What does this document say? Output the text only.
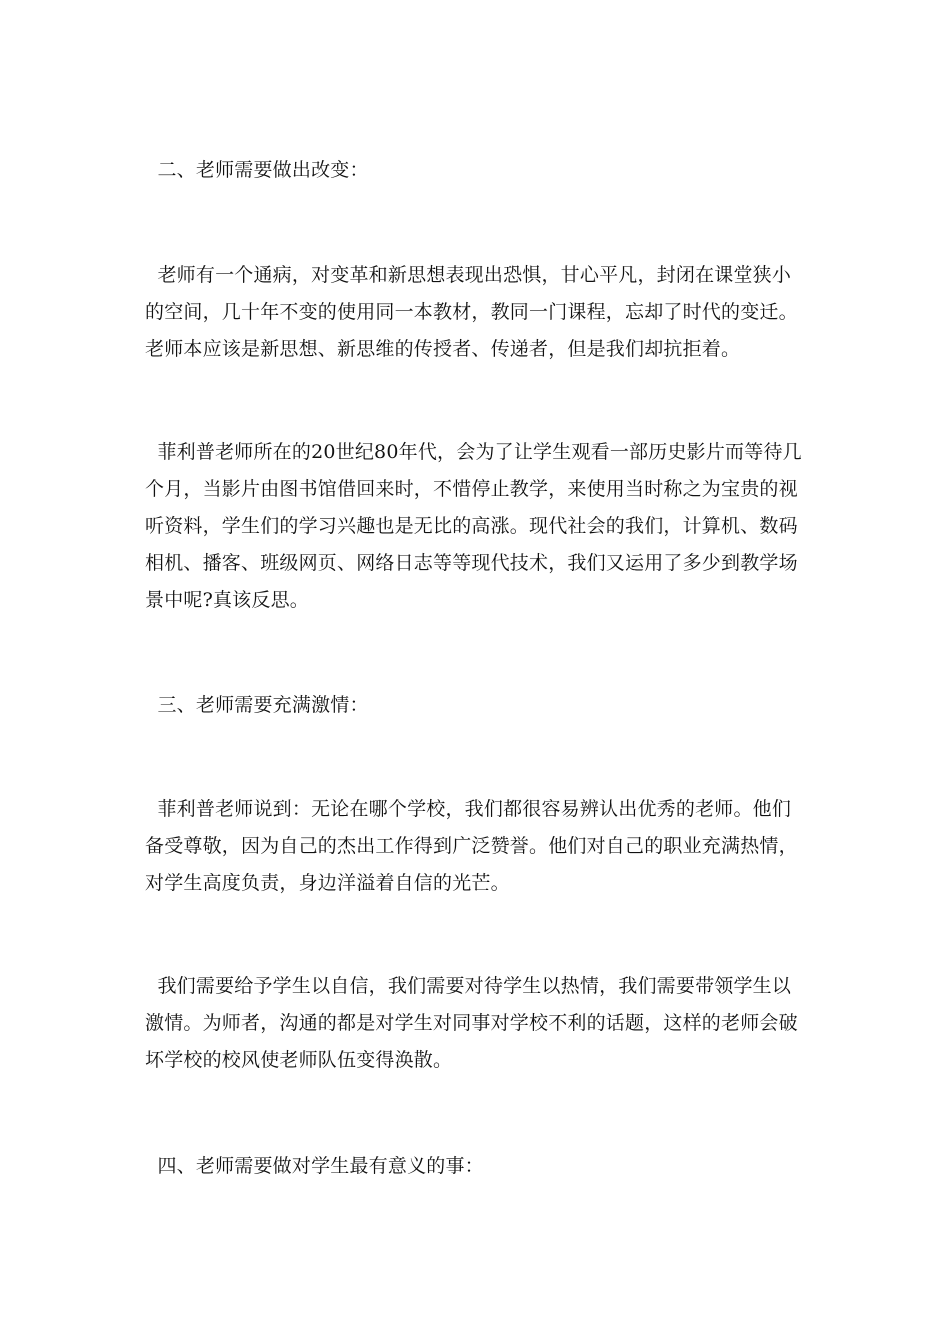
二、老师需要做出改变：
老师有一个通病，对变革和新思想表现出恐惧，甘心平凡，封闭在课堂狭小的空间，几十年不变的使用同一本教材，教同一门课程，忘却了时代的变迁。老师本应该是新思想、新思维的传授者、传递者，但是我们却抗拒着。
菲利普老师所在的20世纪80年代，会为了让学生观看一部历史影片而等待几个月，当影片由图书馆借回来时，不惜停止教学，来使用当时称之为宝贵的视听资料，学生们的学习兴趣也是无比的高涨。现代社会的我们，计算机、数码相机、播客、班级网页、网络日志等等现代技术，我们又运用了多少到教学场景中呢?真该反思。
三、老师需要充满激情：
菲利普老师说到：无论在哪个学校，我们都很容易辨认出优秀的老师。他们备受尊敬，因为自己的杰出工作得到广泛赞誉。他们对自己的职业充满热情，对学生高度负责，身边洋溢着自信的光芒。
我们需要给予学生以自信，我们需要对待学生以热情，我们需要带领学生以激情。为师者，沟通的都是对学生对同事对学校不利的话题，这样的老师会破坏学校的校风使老师队伍变得涣散。
四、老师需要做对学生最有意义的事：
